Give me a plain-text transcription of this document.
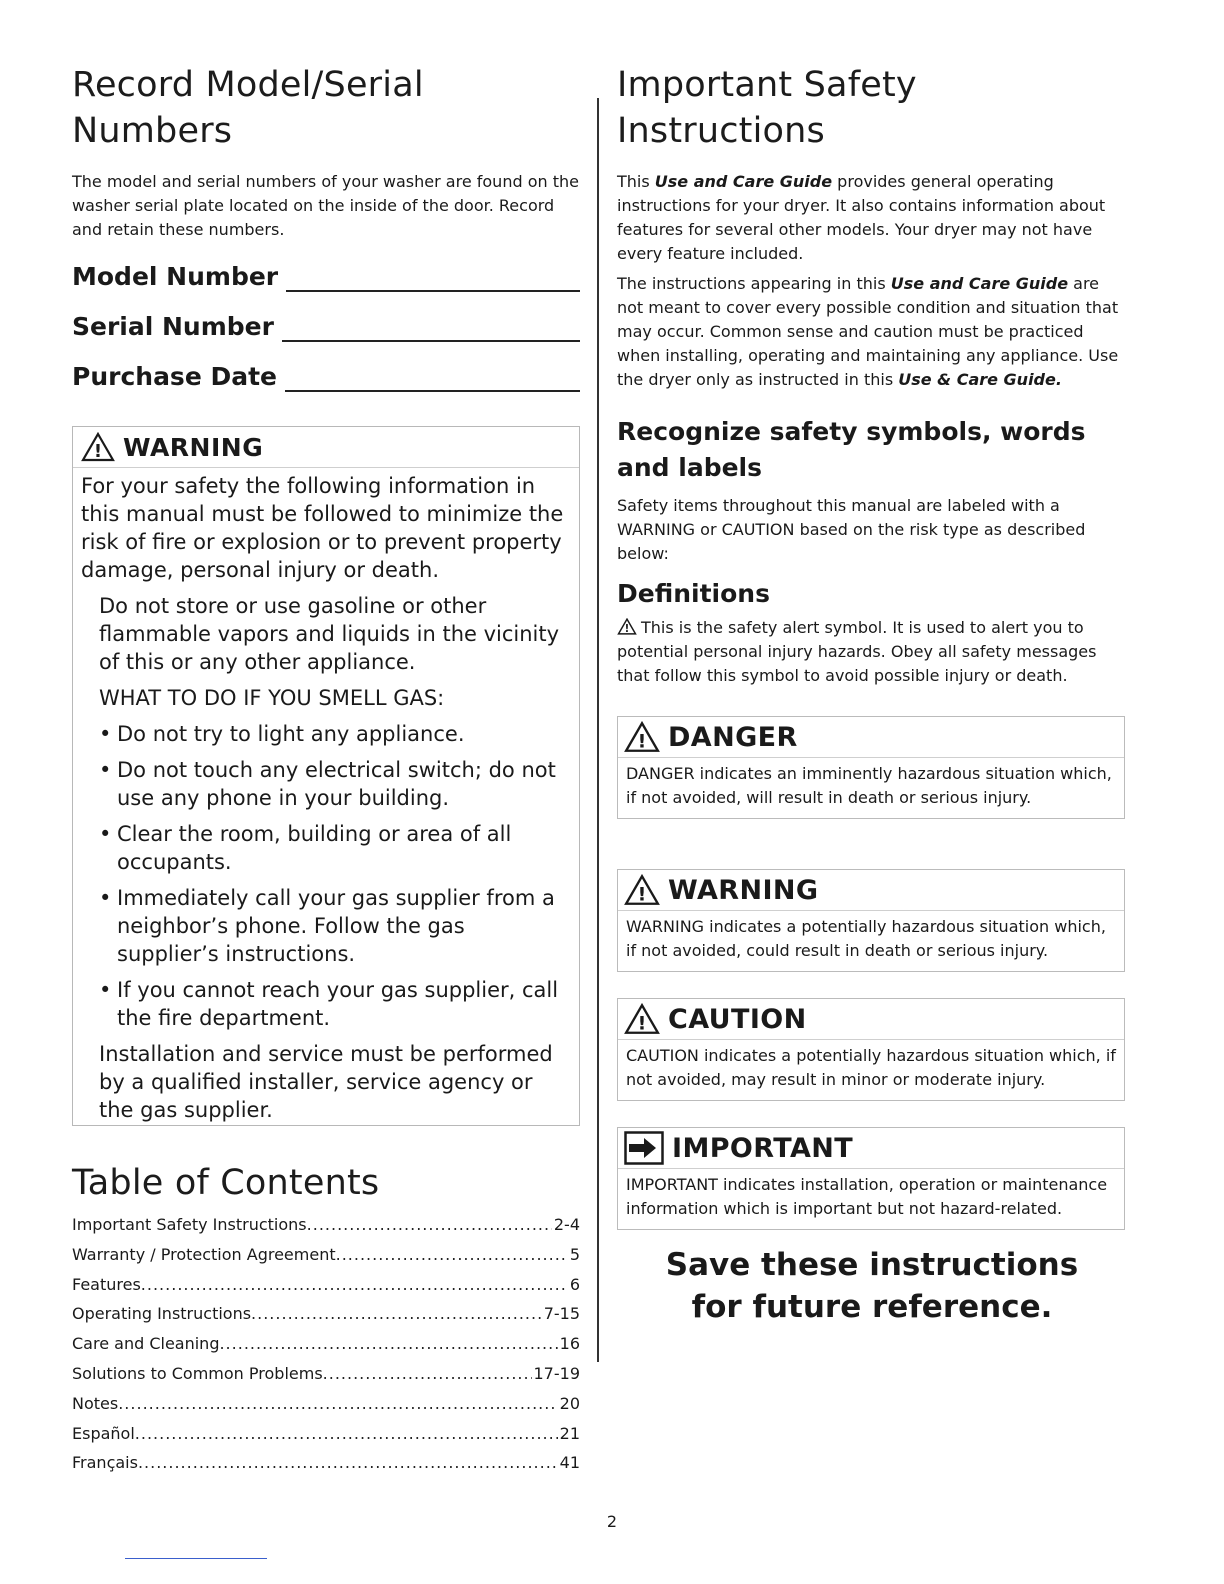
Record Model/Serial Numbers

The model and serial numbers of your washer are found on the washer serial plate located on the inside of the door. Record and retain these numbers.

Model Number
Serial Number
Purchase Date
! WARNING

For your safety the following information in this manual must be followed to minimize the risk of fire or explosion or to prevent property damage, personal injury or death.

Do not store or use gasoline or other flammable vapors and liquids in the vicinity of this or any other appliance.

WHAT TO DO IF YOU SMELL GAS:

• Do not try to light any appliance.
• Do not touch any electrical switch; do not use any phone in your building.
• Clear the room, building or area of all occupants.
• Immediately call your gas supplier from a neighbor’s phone. Follow the gas supplier’s instructions.
• If you cannot reach your gas supplier, call the fire department.

Installation and service must be performed by a qualified installer, service agency or the gas supplier.

Table of Contents
Important Safety Instructions .....	2-4
Warranty / Protection Agreement .....	5
Features .....	6
Operating Instructions .....	7-15
Care and Cleaning .....	16
Solutions to Common Problems .....	17-19
Notes .....	20
Español .....	21
Français .....	41
Important Safety Instructions

This Use and Care Guide provides general operating instructions for your dryer. It also contains information about features for several other models. Your dryer may not have every feature included.

The instructions appearing in this Use and Care Guide are not meant to cover every possible condition and situation that may occur. Common sense and caution must be practiced when installing, operating and maintaining any appliance. Use the dryer only as instructed in this Use & Care Guide.

Recognize safety symbols, words and labels

Safety items throughout this manual are labeled with a WARNING or CAUTION based on the risk type as described below:

Definitions

! This is the safety alert symbol. It is used to alert you to potential personal injury hazards. Obey all safety messages that follow this symbol to avoid possible injury or death.

! DANGER
DANGER indicates an imminently hazardous situation which, if not avoided, will result in death or serious injury.
! WARNING
WARNING indicates a potentially hazardous situation which, if not avoided, could result in death or serious injury.
! CAUTION
CAUTION indicates a potentially hazardous situation which, if not avoided, may result in minor or moderate injury.
IMPORTANT
IMPORTANT indicates installation, operation or maintenance information which is important but not hazard-related.
Save these instructions
for future reference.
2
